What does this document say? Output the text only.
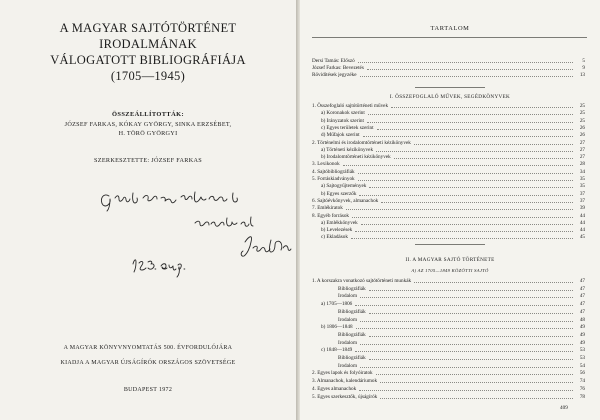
A MAGYAR SAJTÓTÖRTÉNET
IRODALMÁNAK
VÁLOGATOTT BIBLIOGRÁFIÁJA
(1705—1945)
ÖSSZEÁLLÍTOTTÁK:
JÓZSEF FARKAS, KÓKAY GYÖRGY, SINKA ERZSÉBET,
H. TÖRÖ GYÖRGYI
SZERKESZTETTE: JÓZSEF FARKAS
A MAGYAR KÖNYVNYOMTATÁS 500. ÉVFORDULÓJÁRA
KIADJA A MAGYAR ÚJSÁGÍRÓK ORSZÁGOS SZÖVETSÉGE
BUDAPEST 1972
TARTALOM
Dersi Tamás: Előszó	5
József Farkas: Bevezetés	9
Rövidítések jegyzéke	13
I. ÖSSZEFOGLALÓ MŰVEK, SEGÉDKÖNYVEK
1. Összefoglaló sajtótörténeti művek	25
a) Koronakok szerint	25
b) Irányzatok szerint	25
c) Egyes területek szerint	26
d) Műfajok szerint	26
2. Történelmi és irodalomtörténeti kézikönyvek	27
a) Történeti kézikönyvek	27
b) Irodalomtörténeti kézikönyvek	27
3. Lexikonok	28
4. Sajtóbibliográfiák	34
5. Forráskiadványok	35
a) Sajtogyűjtemények	35
b) Egyes szerzők	37
6. Sajtóévkönyvek, almanachok	37
7. Emlékiratok	39
8. Egyéb források	44
a) Emlékkönyvek	44
b) Levelezések	44
c) Ekladások	45
II. A MAGYAR SAJTÓ TÖRTÉNETE
A) AZ 1705—1849 KÖZÖTTI SAJTÓ
1. A korszakra vonatkozó sajtótörténeti munkák	47
Bibliográfiák	47
Irodalom	47
a) 1705—1806	47
Bibliográfiák	47
Irodalom	48
b) 1806—1848	49
Bibliográfiák	49
Irodalom	49
c) 1848—1849	53
Bibliográfiák	53
Irodalom	54
2. Egyes lapok és folyóiratok	56
3. Almanachok, kalendáriumok	74
4. Egyes almanachok	76
5. Egyes szerkesztők, újságírók	78
409
